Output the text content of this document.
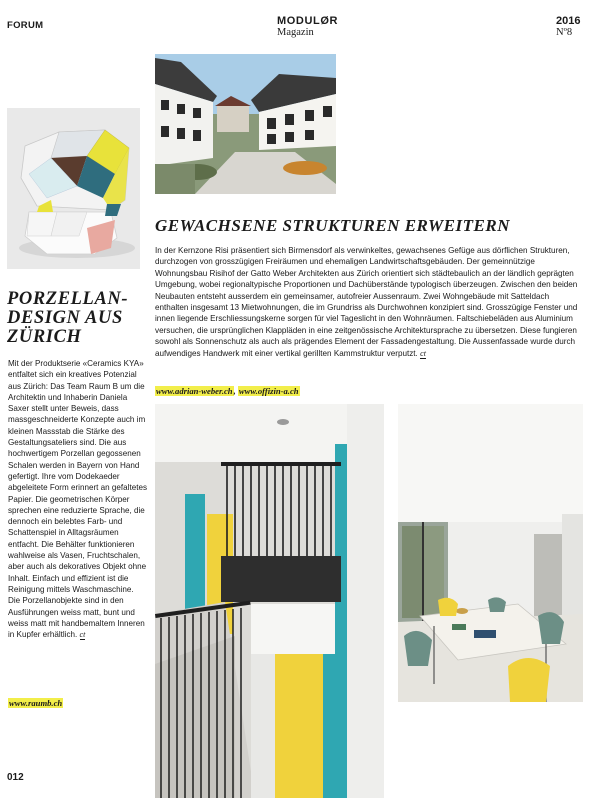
FORUM	MODULØR
Magazin
2016
Nº8
PORZELLAN-
DESIGN AUS
ZÜRICH
Mit der Produktserie «Ceramics KYA» entfaltet sich ein kreatives Potenzial aus Zürich: Das Team Raum B um die Architektin und Inhaberin Daniela Saxer stellt unter Beweis, dass massgeschneiderte Konzepte auch im kleinen Massstab die Stärke des Gestaltungsateliers sind. Die aus hochwertigem Porzellan gegossenen Schalen werden in Bayern von Hand gefertigt. Ihre vom Dodekaeder abgeleitete Form erinnert an gefaltetes Papier. Die geometrischen Körper sprechen eine reduzierte Sprache, die dennoch ein belebtes Farb- und Schattenspiel in Alltagsräumen entfacht. Die Behälter funktionieren wahlweise als Vasen, Fruchtschalen, aber auch als dekoratives Objekt ohne Inhalt. Einfach und effizient ist die Reinigung mittels Waschmaschine. Die Porzellanobjekte sind in den Ausführungen weiss matt, bunt und weiss matt mit handbemaltem Inneren in Kupfer erhältlich. ct
www.raumb.ch
012
GEWACHSENE STRUKTUREN ERWEITERN
In der Kernzone Risi präsentiert sich Birmensdorf als verwinkeltes, gewachsenes Gefüge aus dörflichen Strukturen, durchzogen von grosszügigen Freiräumen und ehemaligen Landwirtschaftsgebäuden. Der gemeinnützige Wohnungsbau Risihof der Gatto Weber Architekten aus Zürich orientiert sich städtebaulich an der ländlich geprägten Umgebung, wobei regionaltypische Proportionen und Dachüberstände typologisch überzeugen. Zwischen den beiden Neubauten entsteht ausserdem ein gemeinsamer, autofreier Aussenraum. Zwei Wohngebäude mit Satteldach enthalten insgesamt 13 Mietwohnungen, die im Grundriss als Durchwohnen konzipiert sind. Grosszügige Fenster und innen liegende Erschliessungskerne sorgen für viel Tageslicht in den Wohnräumen. Faltschiebeläden aus Aluminium versuchen, die ursprünglichen Klappläden in eine zeitgenössische Architektursprache zu übersetzen. Diese fungieren sowohl als Sonnenschutz als auch als prägendes Element der Fassadengestaltung. Die Aussenfassade wurde durch aufwendiges Handwerk mit einer vertikal gerillten Kammstruktur verputzt. ct
www.adrian-weber.ch, www.offizin-a.ch
